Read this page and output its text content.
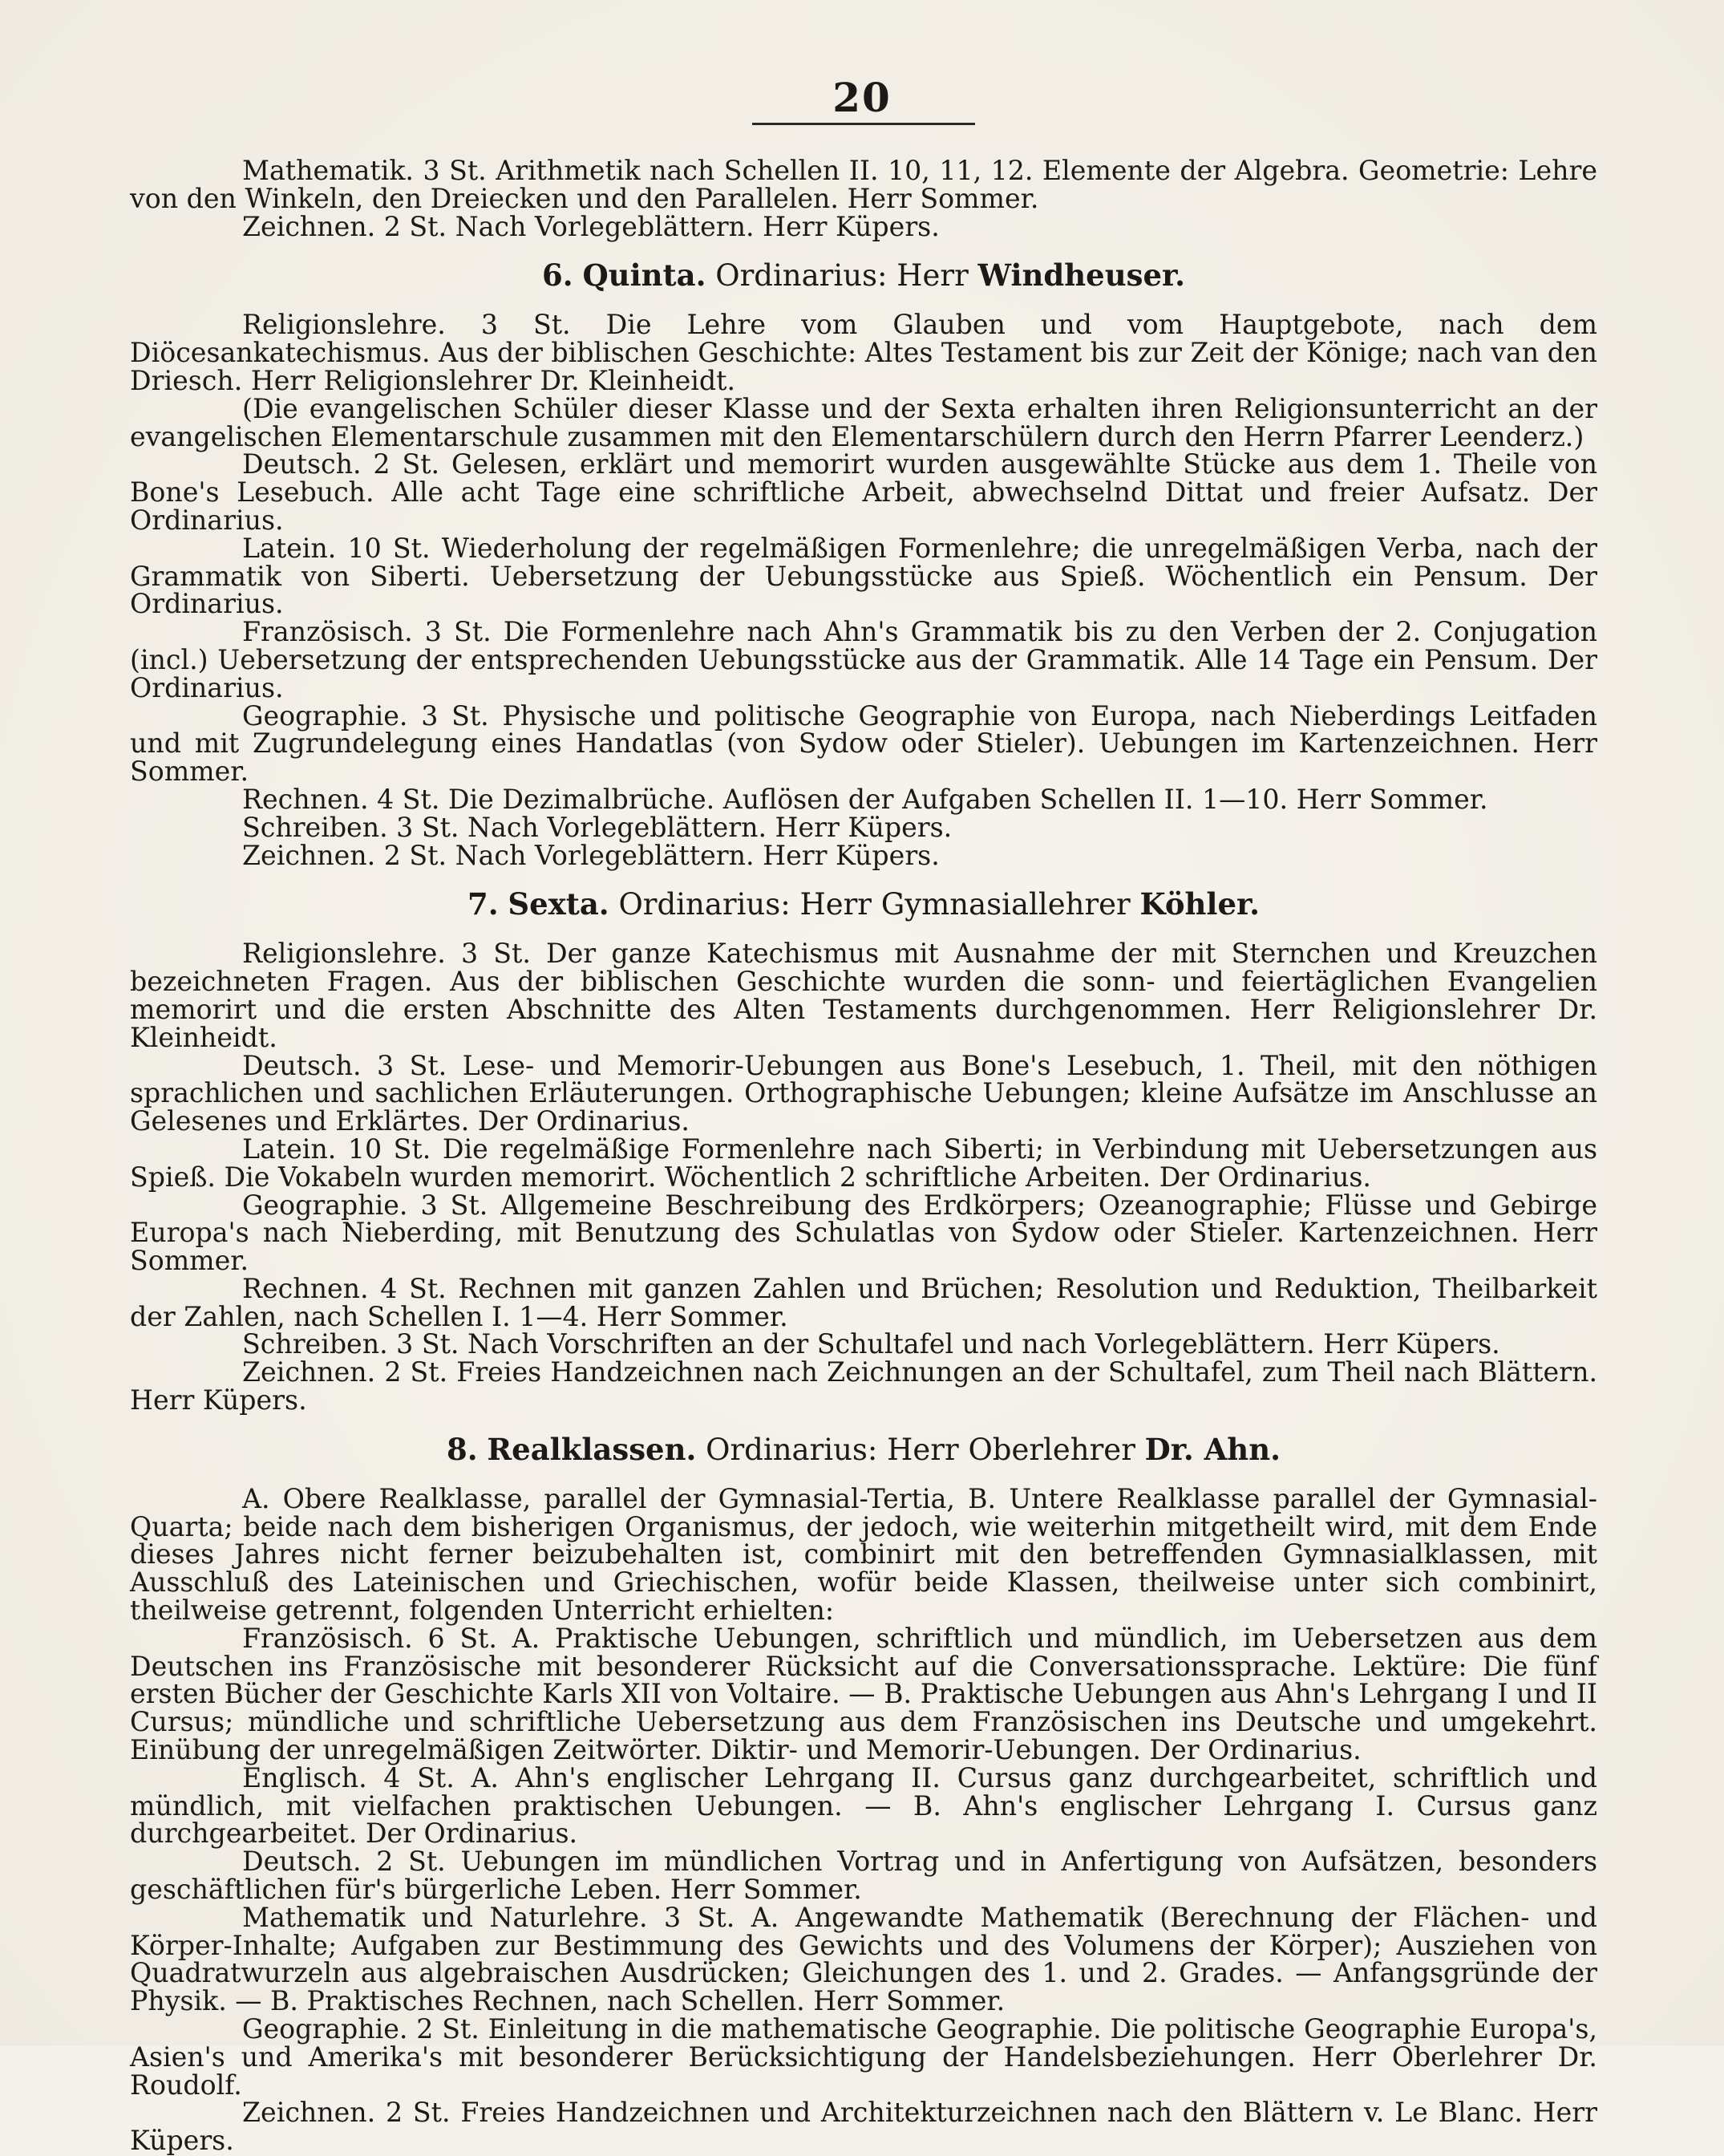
20

Mathematik. 3 St. Arithmetik nach Schellen II. 10, 11, 12. Elemente der Algebra. Geometrie: Lehre von den Winkeln, den Dreiecken und den Parallelen. Herr Sommer.

Zeichnen. 2 St. Nach Vorlegeblättern. Herr Küpers.

6. Quinta. Ordinarius: Herr Windheuser.

Religionslehre. 3 St. Die Lehre vom Glauben und vom Hauptgebote, nach dem Diöcesankatechismus. Aus der biblischen Geschichte: Altes Testament bis zur Zeit der Könige; nach van den Driesch. Herr Religionslehrer Dr. Kleinheidt.

(Die evangelischen Schüler dieser Klasse und der Sexta erhalten ihren Religionsunterricht an der evangelischen Elementarschule zusammen mit den Elementarschülern durch den Herrn Pfarrer Leenderz.)

Deutsch. 2 St. Gelesen, erklärt und memorirt wurden ausgewählte Stücke aus dem 1. Theile von Bone's Lesebuch. Alle acht Tage eine schriftliche Arbeit, abwechselnd Dittat und freier Aufsatz. Der Ordinarius.

Latein. 10 St. Wiederholung der regelmäßigen Formenlehre; die unregelmäßigen Verba, nach der Grammatik von Siberti. Uebersetzung der Uebungsstücke aus Spieß. Wöchentlich ein Pensum. Der Ordinarius.

Französisch. 3 St. Die Formenlehre nach Ahn's Grammatik bis zu den Verben der 2. Conjugation (incl.) Uebersetzung der entsprechenden Uebungsstücke aus der Grammatik. Alle 14 Tage ein Pensum. Der Ordinarius.

Geographie. 3 St. Physische und politische Geographie von Europa, nach Nieberdings Leitfaden und mit Zugrundelegung eines Handatlas (von Sydow oder Stieler). Uebungen im Kartenzeichnen. Herr Sommer.

Rechnen. 4 St. Die Dezimalbrüche. Auflösen der Aufgaben Schellen II. 1—10. Herr Sommer.

Schreiben. 3 St. Nach Vorlegeblättern. Herr Küpers.

Zeichnen. 2 St. Nach Vorlegeblättern. Herr Küpers.

7. Sexta. Ordinarius: Herr Gymnasiallehrer Köhler.

Religionslehre. 3 St. Der ganze Katechismus mit Ausnahme der mit Sternchen und Kreuzchen bezeichneten Fragen. Aus der biblischen Geschichte wurden die sonn- und feiertäglichen Evangelien memorirt und die ersten Abschnitte des Alten Testaments durchgenommen. Herr Religionslehrer Dr. Kleinheidt.

Deutsch. 3 St. Lese- und Memorir-Uebungen aus Bone's Lesebuch, 1. Theil, mit den nöthigen sprachlichen und sachlichen Erläuterungen. Orthographische Uebungen; kleine Aufsätze im Anschlusse an Gelesenes und Erklärtes. Der Ordinarius.

Latein. 10 St. Die regelmäßige Formenlehre nach Siberti; in Verbindung mit Uebersetzungen aus Spieß. Die Vokabeln wurden memorirt. Wöchentlich 2 schriftliche Arbeiten. Der Ordinarius.

Geographie. 3 St. Allgemeine Beschreibung des Erdkörpers; Ozeanographie; Flüsse und Gebirge Europa's nach Nieberding, mit Benutzung des Schulatlas von Sydow oder Stieler. Kartenzeichnen. Herr Sommer.

Rechnen. 4 St. Rechnen mit ganzen Zahlen und Brüchen; Resolution und Reduktion, Theilbarkeit der Zahlen, nach Schellen I. 1—4. Herr Sommer.

Schreiben. 3 St. Nach Vorschriften an der Schultafel und nach Vorlegeblättern. Herr Küpers.

Zeichnen. 2 St. Freies Handzeichnen nach Zeichnungen an der Schultafel, zum Theil nach Blättern. Herr Küpers.

8. Realklassen. Ordinarius: Herr Oberlehrer Dr. Ahn.

A. Obere Realklasse, parallel der Gymnasial-Tertia, B. Untere Realklasse parallel der Gymnasial-Quarta; beide nach dem bisherigen Organismus, der jedoch, wie weiterhin mitgetheilt wird, mit dem Ende dieses Jahres nicht ferner beizubehalten ist, combinirt mit den betreffenden Gymnasialklassen, mit Ausschluß des Lateinischen und Griechischen, wofür beide Klassen, theilweise unter sich combinirt, theilweise getrennt, folgenden Unterricht erhielten:

Französisch. 6 St. A. Praktische Uebungen, schriftlich und mündlich, im Uebersetzen aus dem Deutschen ins Französische mit besonderer Rücksicht auf die Conversationssprache. Lektüre: Die fünf ersten Bücher der Geschichte Karls XII von Voltaire. — B. Praktische Uebungen aus Ahn's Lehrgang I und II Cursus; mündliche und schriftliche Uebersetzung aus dem Französischen ins Deutsche und umgekehrt. Einübung der unregelmäßigen Zeitwörter. Diktir- und Memorir-Uebungen. Der Ordinarius.

Englisch. 4 St. A. Ahn's englischer Lehrgang II. Cursus ganz durchgearbeitet, schriftlich und mündlich, mit vielfachen praktischen Uebungen. — B. Ahn's englischer Lehrgang I. Cursus ganz durchgearbeitet. Der Ordinarius.

Deutsch. 2 St. Uebungen im mündlichen Vortrag und in Anfertigung von Aufsätzen, besonders geschäftlichen für's bürgerliche Leben. Herr Sommer.

Mathematik und Naturlehre. 3 St. A. Angewandte Mathematik (Berechnung der Flächen- und Körper-Inhalte; Aufgaben zur Bestimmung des Gewichts und des Volumens der Körper); Ausziehen von Quadratwurzeln aus algebraischen Ausdrücken; Gleichungen des 1. und 2. Grades. — Anfangsgründe der Physik. — B. Praktisches Rechnen, nach Schellen. Herr Sommer.

Geographie. 2 St. Einleitung in die mathematische Geographie. Die politische Geographie Europa's, Asien's und Amerika's mit besonderer Berücksichtigung der Handelsbeziehungen. Herr Oberlehrer Dr. Roudolf.

Zeichnen. 2 St. Freies Handzeichnen und Architekturzeichnen nach den Blättern v. Le Blanc. Herr Küpers.
